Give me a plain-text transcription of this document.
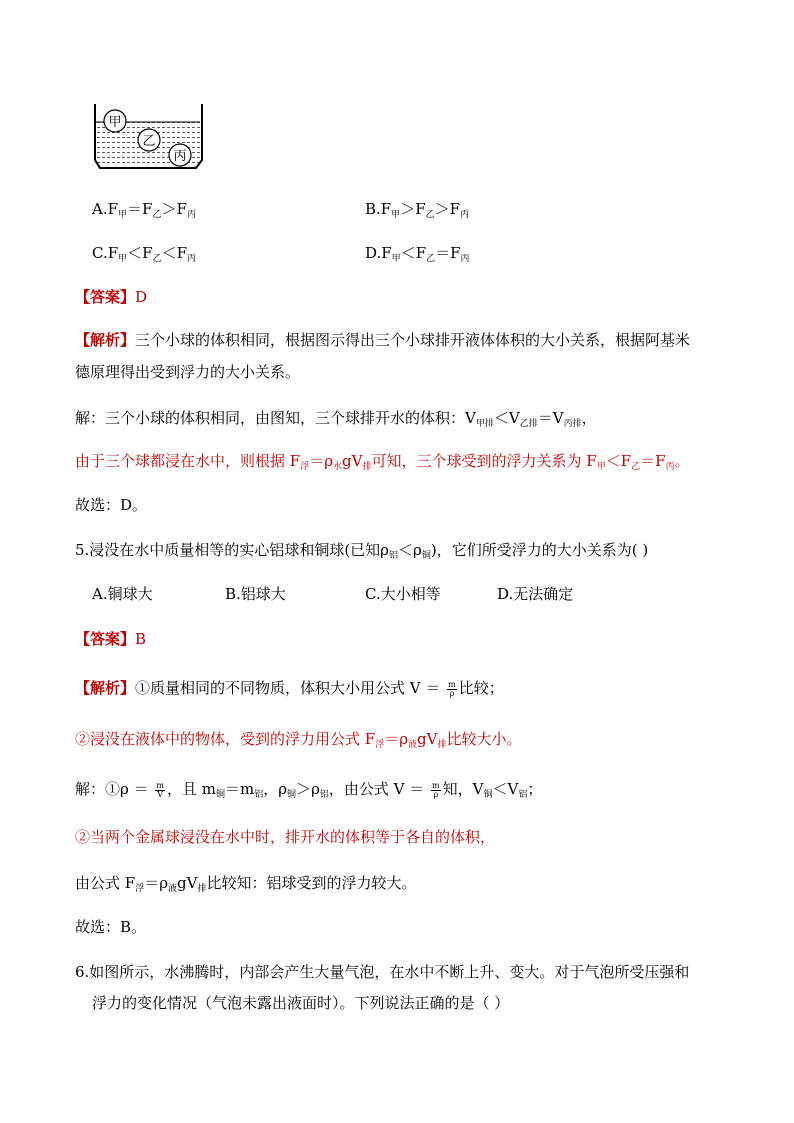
甲
乙
丙
$A.F_甲=F_乙>F_丙$	$B.F_甲>F_乙>F_丙$
$C.F_甲<F_乙<F_丙$	$D.F_甲<F_乙=F_丙$
【答案】D
【解析】三个小球的体积相同，根据图示得出三个小球排开液体体积的大小关系，根据阿基米
德原理得出受到浮力的大小关系。
解：三个小球的体积相同，由图知，三个球排开水的体积：$V_{甲排}<V_{乙排}=V_{丙排}$，
由于三个球都浸在水中，则根据 $F_浮=\rho_水gV_排$可知，三个球受到的浮力关系为 $F_甲<F_乙=F_丙$。
故选：D。
5.浸没在水中质量相等的实心铝球和铜球(已知$\rho_铝<\rho_铜$)，它们所受浮力的大小关系为( )
A.铜球大	B.铝球大	C.大小相等	D.无法确定
【答案】B
【解析】①质量相同的不同物质，体积大小用公式 $V = \frac{m}{\rho}$ 比较；
②浸没在液体中的物体，受到的浮力用公式 $F_浮=\rho_液gV_排$比较大小。
解：①ρ ＝ $\frac{m}{V}$ ，且 $m_铜=m_铝$，$\rho_铜>\rho_铝$，由公式 $V = \frac{m}{\rho}$ 知，$V_铜<V_铝$；
②当两个金属球浸没在水中时，排开水的体积等于各自的体积，
由公式 $F_浮=\rho_液gV_排$比较知：铝球受到的浮力较大。
故选：B。
6.如图所示，水沸腾时，内部会产生大量气泡，在水中不断上升、变大。对于气泡所受压强和
浮力的变化情况（气泡未露出液面时）。下列说法正确的是（ ）
